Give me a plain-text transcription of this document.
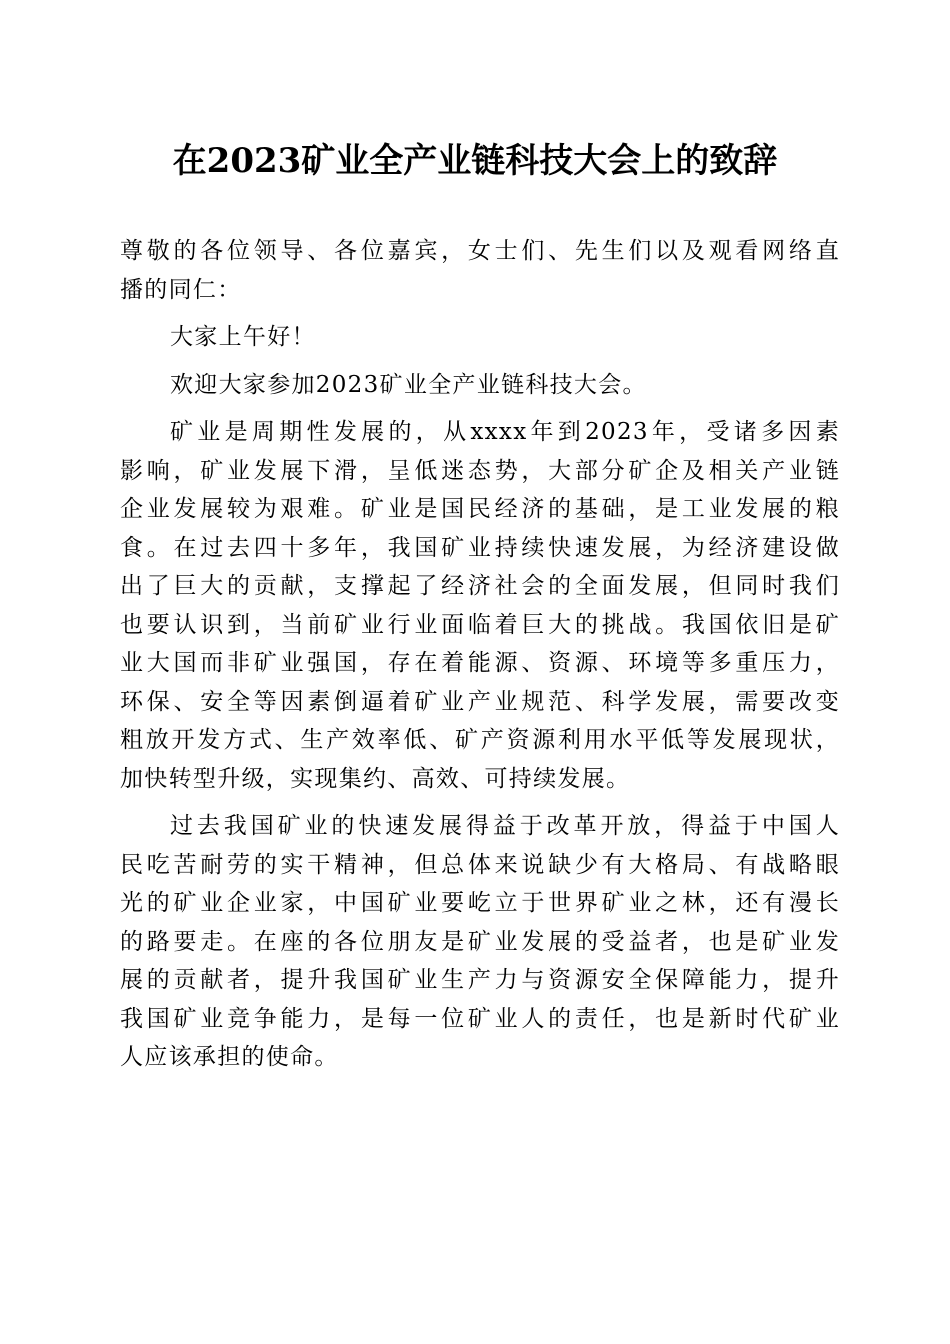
在2023矿业全产业链科技大会上的致辞
尊敬的各位领导、各位嘉宾，女士们、先生们以及观看网络直
播的同仁：
大家上午好！
欢迎大家参加2023矿业全产业链科技大会。
矿业是周期性发展的，从xxxx年到2023年，受诸多因素
影响，矿业发展下滑，呈低迷态势，大部分矿企及相关产业链
企业发展较为艰难。矿业是国民经济的基础，是工业发展的粮
食。在过去四十多年，我国矿业持续快速发展，为经济建设做
出了巨大的贡献，支撑起了经济社会的全面发展，但同时我们
也要认识到，当前矿业行业面临着巨大的挑战。我国依旧是矿
业大国而非矿业强国，存在着能源、资源、环境等多重压力，
环保、安全等因素倒逼着矿业产业规范、科学发展，需要改变
粗放开发方式、生产效率低、矿产资源利用水平低等发展现状，
加快转型升级，实现集约、高效、可持续发展。
过去我国矿业的快速发展得益于改革开放，得益于中国人
民吃苦耐劳的实干精神，但总体来说缺少有大格局、有战略眼
光的矿业企业家，中国矿业要屹立于世界矿业之林，还有漫长
的路要走。在座的各位朋友是矿业发展的受益者，也是矿业发
展的贡献者，提升我国矿业生产力与资源安全保障能力，提升
我国矿业竞争能力，是每一位矿业人的责任，也是新时代矿业
人应该承担的使命。
